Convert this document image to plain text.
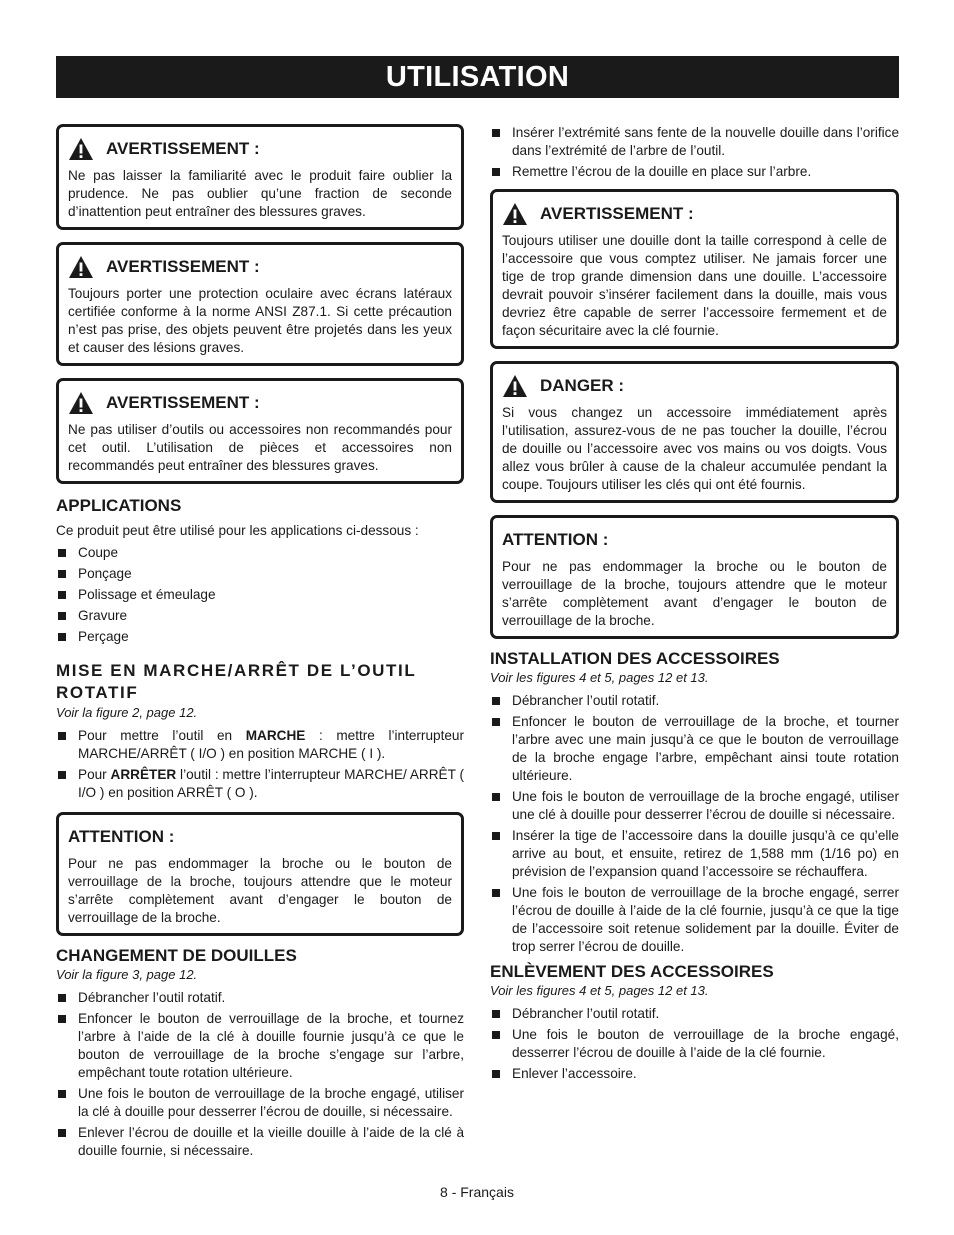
UTILISATION
AVERTISSEMENT :

Ne pas laisser la familiarité avec le produit faire oublier la prudence. Ne pas oublier qu’une fraction de seconde d’inattention peut entraîner des blessures graves.

AVERTISSEMENT :

Toujours porter une protection oculaire avec écrans latéraux certifiée conforme à la norme ANSI Z87.1. Si cette précaution n’est pas prise, des objets peuvent être projetés dans les yeux et causer des lésions graves.

AVERTISSEMENT :

Ne pas utiliser d’outils ou accessoires non recommandés pour cet outil. L’utilisation de pièces et accessoires non recommandés peut entraîner des blessures graves.

APPLICATIONS
Ce produit peut être utilisé pour les applications ci-dessous :
Coupe
Ponçage
Polissage et émeulage
Gravure
Perçage
MISE EN MARCHE/ARRÊT DE L’OUTIL ROTATIF
Voir la figure 2, page 12.
Pour mettre l’outil en MARCHE : mettre l’interrupteur MARCHE/ARRÊT ( I/O ) en position MARCHE ( I ).
Pour ARRÊTER l’outil : mettre l’interrupteur MARCHE/ ARRÊT ( I/O ) en position ARRÊT ( O ).
ATTENTION :

Pour ne pas endommager la broche ou le bouton de verrouillage de la broche, toujours attendre que le moteur s’arrête complètement avant d’engager le bouton de verrouillage de la broche.

CHANGEMENT DE DOUILLES
Voir la figure 3, page 12.
Débrancher l’outil rotatif.
Enfoncer le bouton de verrouillage de la broche, et tournez l’arbre à l’aide de la clé à douille fournie jusqu’à ce que le bouton de verrouillage de la broche s’engage sur l’arbre, empêchant toute rotation ultérieure.
Une fois le bouton de verrouillage de la broche engagé, utiliser la clé à douille pour desserrer l’écrou de douille, si nécessaire.
Enlever l’écrou de douille et la vieille douille à l’aide de la clé à douille fournie, si nécessaire.
Insérer l’extrémité sans fente de la nouvelle douille dans l’orifice dans l’extrémité de l’arbre de l’outil.
Remettre l’écrou de la douille en place sur l’arbre.
AVERTISSEMENT :

Toujours utiliser une douille dont la taille correspond à celle de l’accessoire que vous comptez utiliser. Ne jamais forcer une tige de trop grande dimension dans une douille. L’accessoire devrait pouvoir s’insérer facilement dans la douille, mais vous devriez être capable de serrer l’accessoire fermement et de façon sécuritaire avec la clé fournie.

DANGER :

Si vous changez un accessoire immédiatement après l’utilisation, assurez-vous de ne pas toucher la douille, l’écrou de douille ou l’accessoire avec vos mains ou vos doigts. Vous allez vous brûler à cause de la chaleur accumulée pendant la coupe. Toujours utiliser les clés qui ont été fournis.

ATTENTION :

Pour ne pas endommager la broche ou le bouton de verrouillage de la broche, toujours attendre que le moteur s’arrête complètement avant d’engager le bouton de verrouillage de la broche.

INSTALLATION DES ACCESSOIRES
Voir les figures 4 et 5, pages 12 et 13.
Débrancher l’outil rotatif.
Enfoncer le bouton de verrouillage de la broche, et tourner l’arbre avec une main jusqu’à ce que le bouton de verrouillage de la broche engage l’arbre, empêchant ainsi toute rotation ultérieure.
Une fois le bouton de verrouillage de la broche engagé, utiliser une clé à douille pour desserrer l’écrou de douille si nécessaire.
Insérer la tige de l’accessoire dans la douille jusqu’à ce qu’elle arrive au bout, et ensuite, retirez de 1,588 mm (1/16 po) en prévision de l’expansion quand l’accessoire se réchauffera.
Une fois le bouton de verrouillage de la broche engagé, serrer l’écrou de douille à l’aide de la clé fournie, jusqu’à ce que la tige de l’accessoire soit retenue solidement par la douille. Éviter de trop serrer l’écrou de douille.
ENLÈVEMENT DES ACCESSOIRES
Voir les figures 4 et 5, pages 12 et 13.
Débrancher l’outil rotatif.
Une fois le bouton de verrouillage de la broche engagé, desserrer l’écrou de douille à l’aide de la clé fournie.
Enlever l’accessoire.
8 - Français
